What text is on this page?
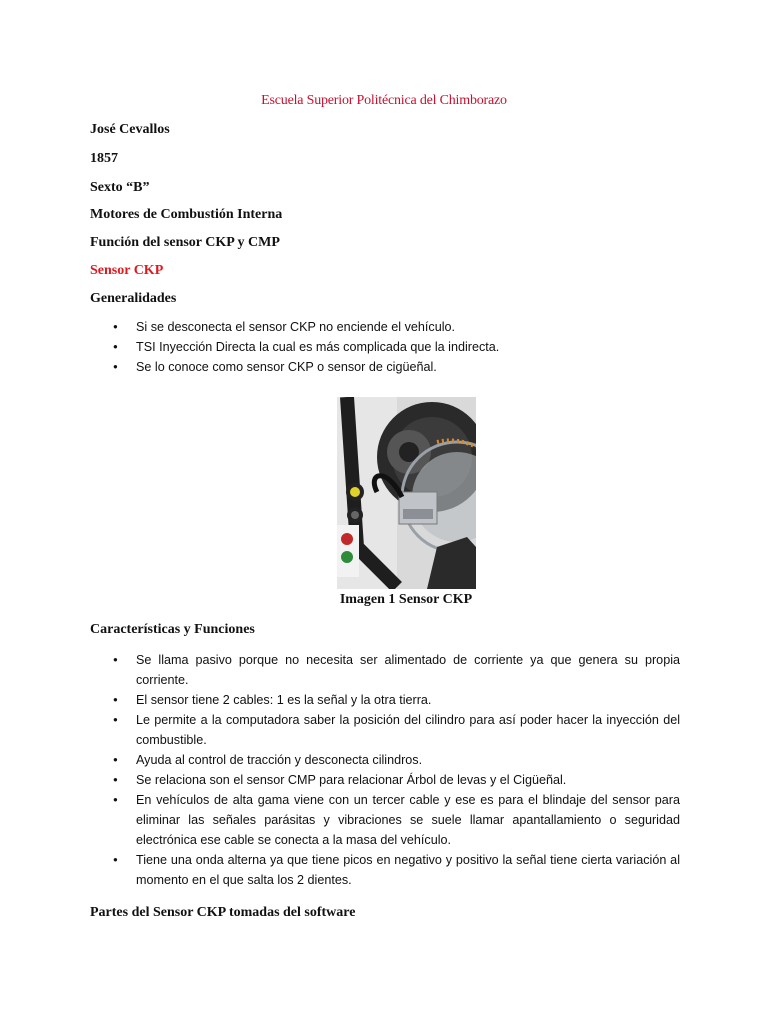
Escuela Superior Politécnica del Chimborazo
José Cevallos
1857
Sexto “B”
Motores de Combustión Interna
Función del sensor CKP y CMP
Sensor CKP
Generalidades
● Si se desconecta el sensor CKP no enciende el vehículo.
● TSI Inyección Directa la cual es más complicada que la indirecta.
● Se lo conoce como sensor CKP o sensor de cigüeñal.
Imagen 1 Sensor CKP
Características y Funciones
● Se llama pasivo porque no necesita ser alimentado de corriente ya que genera su propia corriente.
● El sensor tiene 2 cables: 1 es la señal y la otra tierra.
● Le permite a la computadora saber la posición del cilindro para así poder hacer la inyección del combustible.
● Ayuda al control de tracción y desconecta cilindros.
● Se relaciona son el sensor CMP para relacionar Árbol de levas y el Cigüeñal.
● En vehículos de alta gama viene con un tercer cable y ese es para el blindaje del sensor para eliminar las señales parásitas y vibraciones se suele llamar apantallamiento o seguridad electrónica ese cable se conecta a la masa del vehículo.
● Tiene una onda alterna ya que tiene picos en negativo y positivo la señal tiene cierta variación al momento en el que salta los 2 dientes.
Partes del Sensor CKP tomadas del software
